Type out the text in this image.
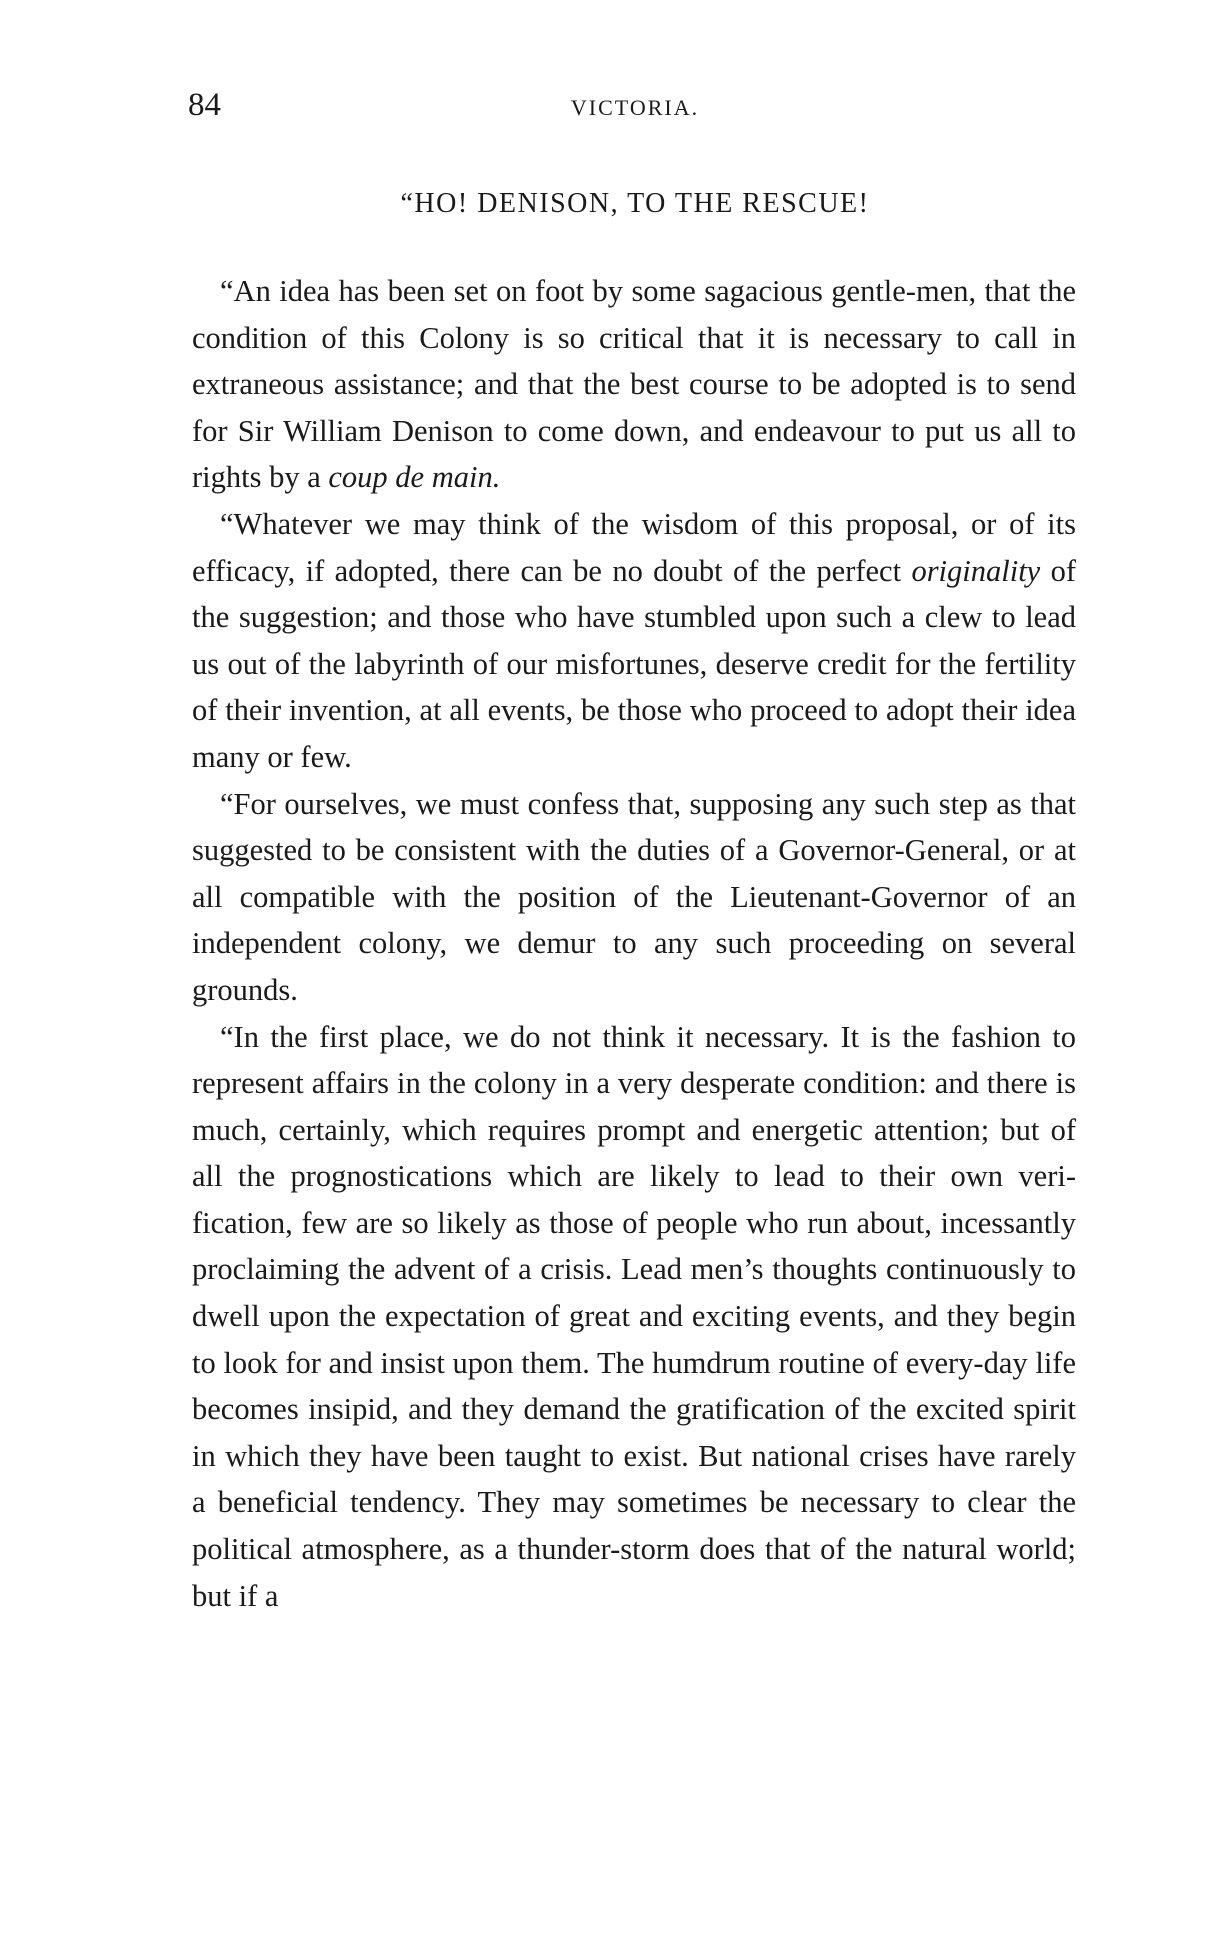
84	VICTORIA.
“HO! DENISON, TO THE RESCUE!

“An idea has been set on foot by some sagacious gentle-men, that the condition of this Colony is so critical that it is necessary to call in extraneous assistance; and that the best course to be adopted is to send for Sir William Denison to come down, and endeavour to put us all to rights by a coup de main.

“Whatever we may think of the wisdom of this proposal, or of its efficacy, if adopted, there can be no doubt of the perfect originality of the suggestion; and those who have stumbled upon such a clew to lead us out of the labyrinth of our misfortunes, deserve credit for the fertility of their invention, at all events, be those who proceed to adopt their idea many or few.

“For ourselves, we must confess that, supposing any such step as that suggested to be consistent with the duties of a Governor-General, or at all compatible with the position of the Lieutenant-Governor of an independent colony, we demur to any such proceeding on several grounds.

“In the first place, we do not think it necessary. It is the fashion to represent affairs in the colony in a very desperate condition: and there is much, certainly, which requires prompt and energetic attention; but of all the prognostications which are likely to lead to their own veri-fication, few are so likely as those of people who run about, incessantly proclaiming the advent of a crisis. Lead men’s thoughts continuously to dwell upon the expectation of great and exciting events, and they begin to look for and insist upon them. The humdrum routine of every-day life becomes insipid, and they demand the gratification of the excited spirit in which they have been taught to exist. But national crises have rarely a beneficial tendency. They may sometimes be necessary to clear the political atmosphere, as a thunder-storm does that of the natural world; but if a
